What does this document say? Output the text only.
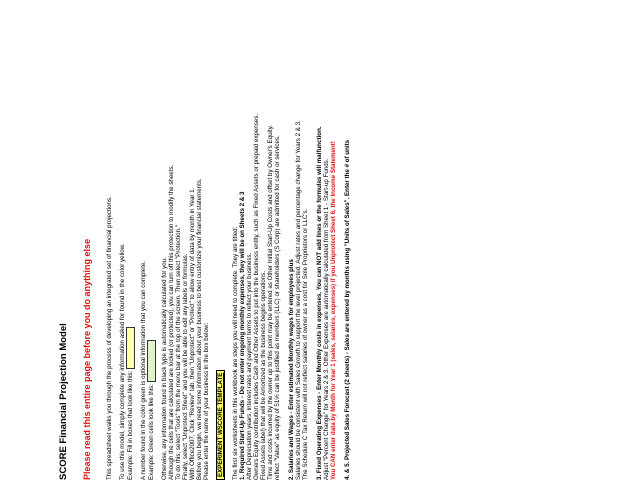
SCORE Financial Projection Model Please read this entire page before you do anything else This spreadsheet walks you through the process of developing an integrated set of financial projections. To use this model, simply complete any information asked for found in the color yellow. Example: Fill in boxes that look like this: A number found in the color green is optional information that you can complete. Example: Green cells look like this: Otherwise, any information found in black type is automatically calculated for you. Although the cells that are calculated are locked (or protected), you can turn off this protection to modify the sheets. To do this, select "Tools" from the menu bar at the top of the screen. Then select "Protection." Finally, select "Unprotect Sheet" and you will be able to edit any labels or formulas. With Office2007, Click "Review" tab, then "Unprotect" or "Protect" to allow entry of data by month in Year 1. Before you begin, we need some information about your business to best customize your financial statements. Please enter the name of your business in the box below: EXPERIMENT WSCORE TEMPLATE The first six worksheets in this workbook are steps you will need to complete. They are titled: 1. Required Start-Up Funds - Do not enter ongoing monthly expenses, they will be on Sheets 2 & 3 After Depreciation years, interest rates and payment terms to reflect your business. Owners Equity contribution includes Cash and Other Assets to put into the business entity, such as Fixed Assets or prepaid expenses. Fixed Assets label) that will be Amortized as the business begins operations. Time and costs incurred by the owner up to this point may be entered as Other Initial Start-Up Costs and offset by Owner's Equity. reflect "Value" as equity of 51% can be justified as members (LLC) or shareholders (S Corp) are admitted for cash or services. 2. Salaries and Wages - Enter estimated Monthly wages for employees plus Salaries should be consistent with Sales Growth to support the level projected. Adjust rates and percentage change for Years 2 & 3. The Schedule C Tax Return will not reflect salaries of owner as a cost for Sole Proprietors or LLC's. 3. Fixed Operating Expenses - Enter Monthly costs in expenses. You can NOT add lines or the formulas will malfunction. Adjust "Percent Change" for Years 2 & 3. Other Expenses are automatically calculated from Sheet 1 - Start-up Funds. You CAN enter data by Month for Year 1 (sales, salaries, expenses) if you Unprotect Sheet 6, the Income Statement! 4. & 5. Projected Sales Forecast (2 sheets) - Sales are entered by months using "Units of Sales". Enter the # of units
